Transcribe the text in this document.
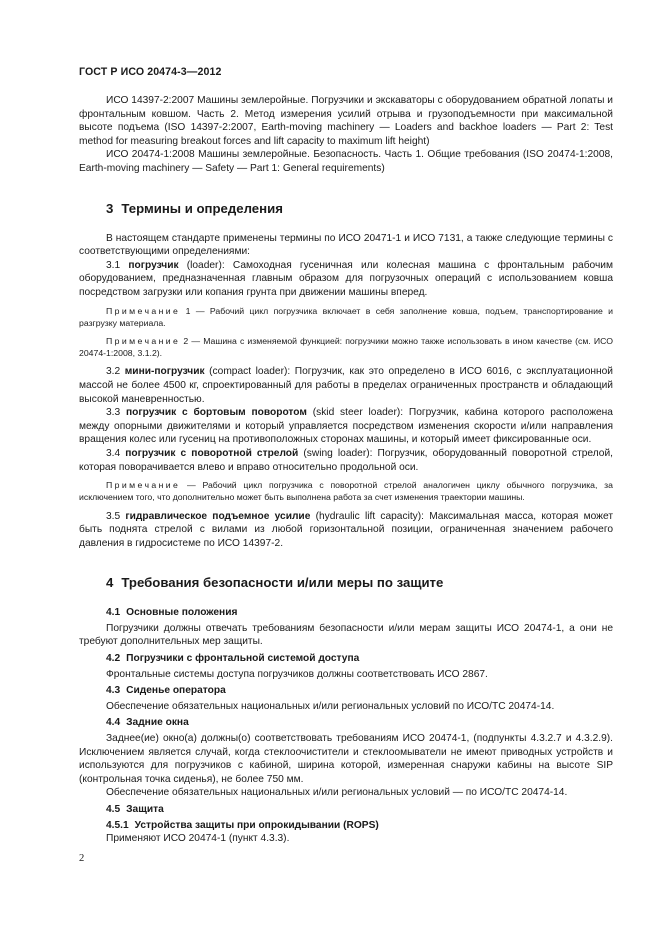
ГОСТ Р ИСО 20474-3—2012

ИСО 14397-2:2007 Машины землеройные. Погрузчики и экскаваторы с оборудованием обратной лопаты и фронтальным ковшом. Часть 2. Метод измерения усилий отрыва и грузоподъемности при максимальной высоте подъема (ISO 14397-2:2007, Earth-moving machinery — Loaders and backhoe loaders — Part 2: Test method for measuring breakout forces and lift capacity to maximum lift height)

ИСО 20474-1:2008 Машины землеройные. Безопасность. Часть 1. Общие требования (ISO 20474-1:2008, Earth-moving machinery — Safety — Part 1: General requirements)

3 Термины и определения

В настоящем стандарте применены термины по ИСО 20471-1 и ИСО 7131, а также следующие термины с соответствующими определениями:

3.1 погрузчик (loader): Самоходная гусеничная или колесная машина с фронтальным рабочим оборудованием, предназначенная главным образом для погрузочных операций с использованием ковша посредством загрузки или копания грунта при движении машины вперед.

Примечание 1 — Рабочий цикл погрузчика включает в себя заполнение ковша, подъем, транспортирование и разгрузку материала.

Примечание 2 — Машина с изменяемой функцией: погрузчики можно также использовать в ином качестве (см. ИСО 20474-1:2008, 3.1.2).

3.2 мини-погрузчик (compact loader): Погрузчик, как это определено в ИСО 6016, с эксплуатационной массой не более 4500 кг, спроектированный для работы в пределах ограниченных пространств и обладающий высокой маневренностью.

3.3 погрузчик с бортовым поворотом (skid steer loader): Погрузчик, кабина которого расположена между опорными движителями и который управляется посредством изменения скорости и/или направления вращения колес или гусениц на противоположных сторонах машины, и который имеет фиксированные оси.

3.4 погрузчик с поворотной стрелой (swing loader): Погрузчик, оборудованный поворотной стрелой, которая поворачивается влево и вправо относительно продольной оси.

Примечание — Рабочий цикл погрузчика с поворотной стрелой аналогичен циклу обычного погрузчика, за исключением того, что дополнительно может быть выполнена работа за счет изменения траектории машины.

3.5 гидравлическое подъемное усилие (hydraulic lift capacity): Максимальная масса, которая может быть поднята стрелой с вилами из любой горизонтальной позиции, ограниченная значением рабочего давления в гидросистеме по ИСО 14397-2.

4 Требования безопасности и/или меры по защите
4.1 Основные положения

Погрузчики должны отвечать требованиям безопасности и/или мерам защиты ИСО 20474-1, а они не требуют дополнительных мер защиты.

4.2 Погрузчики с фронтальной системой доступа

Фронтальные системы доступа погрузчиков должны соответствовать ИСО 2867.

4.3 Сиденье оператора

Обеспечение обязательных национальных и/или региональных условий по ИСО/TC 20474-14.

4.4 Задние окна

Заднее(ие) окно(а) должны(о) соответствовать требованиям ИСО 20474-1, (подпункты 4.3.2.7 и 4.3.2.9). Исключением является случай, когда стеклоочистители и стеклоомыватели не имеют приводных устройств и используются для погрузчиков с кабиной, ширина которой, измеренная снаружи кабины на высоте SIP (контрольная точка сиденья), не более 750 мм.

Обеспечение обязательных национальных и/или региональных условий — по ИСО/TC 20474-14.

4.5 Защита
4.5.1 Устройства защиты при опрокидывании (ROPS)

Применяют ИСО 20474-1 (пункт 4.3.3).

2
